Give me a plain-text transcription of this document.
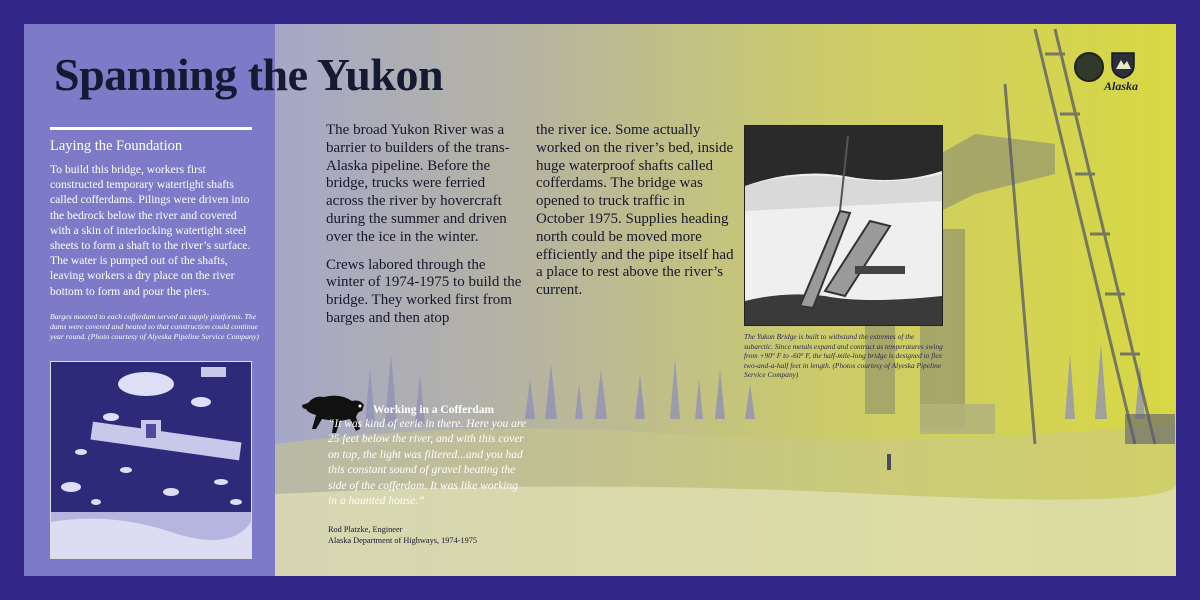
Laying the Foundation

To build this bridge, workers first constructed temporary watertight shafts called cofferdams. Pilings were driven into the bedrock below the river and covered with a skin of interlocking watertight steel sheets to form a shaft to the river’s surface. The water is pumped out of the shafts, leaving workers a dry place on the river bottom to form and pour the piers.

Barges moored to each cofferdam served as supply platforms. The dams were covered and heated so that construction could continue year round. (Photo courtesy of Alyeska Pipeline Service Company)

Spanning the Yukon	Alaska

The broad Yukon River was a barrier to builders of the trans-Alaska pipeline. Before the bridge, trucks were ferried across the river by hovercraft during the summer and driven over the ice in the winter.

Crews labored through the winter of 1974-1975 to build the bridge. They worked first from barges and then atop

the river ice. Some actually worked on the river’s bed, inside huge waterproof shafts called cofferdams. The bridge was opened to truck traffic in October 1975. Supplies heading north could be moved more efficiently and the pipe itself had a place to rest above the river’s current.

The Yukon Bridge is built to withstand the extremes of the subarctic. Since metals expand and contract as temperatures swing from +90° F to -60° F, the half-mile-long bridge is designed to flex two-and-a-half feet in length. (Photos courtesy of Alyeska Pipeline Service Company)

Working in a Cofferdam

“It was kind of eerie in there. Here you are 25 feet below the river, and with this cover on top, the light was filtered...and you had this constant sound of gravel beating the side of the cofferdam. It was like working in a haunted house.”

Rod Platzke, Engineer
Alaska Department of Highways, 1974-1975
